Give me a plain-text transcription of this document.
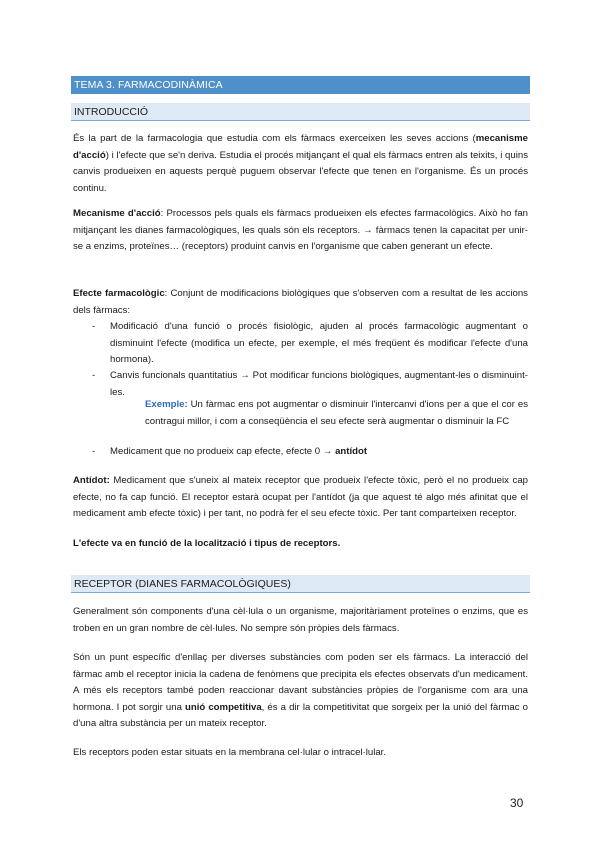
TEMA 3. FARMACODINÀMICA
INTRODUCCIÓ

És la part de la farmacologia que estudia com els fàrmacs exerceixen les seves accions (mecanisme d'acció) i l'efecte que se'n deriva. Estudia el procés mitjançant el qual els fàrmacs entren als teixits, i quins canvis produeixen en aquests perquè puguem observar l'efecte que tenen en l'organisme. És un procés continu.

Mecanisme d'acció: Processos pels quals els fàrmacs produeixen els efectes farmacològics. Això ho fan mitjançant les dianes farmacològiques, les quals són els receptors. → fàrmacs tenen la capacitat per unir-se a enzims, proteïnes… (receptors) produint canvis en l'organisme que caben generant un efecte.

Efecte farmacològic: Conjunt de modificacions biològiques que s'observen com a resultat de les accions dels fàrmacs:

- Modificació d'una funció o procés fisiològic, ajuden al procés farmacològic augmentant o disminuint l'efecte (modifica un efecte, per exemple, el més freqüent és modificar l'efecte d'una hormona).

- Canvis funcionals quantitatius → Pot modificar funcions biològiques, augmentant-les o disminuint-les.

Exemple: Un fàrmac ens pot augmentar o disminuir l'intercanvi d'ions per a que el cor es contragui millor, i com a conseqüència el seu efecte serà augmentar o disminuir la FC

- Medicament que no produeix cap efecte, efecte 0 → antídot

Antídot: Medicament que s'uneix al mateix receptor que produeix l'efecte tòxic, però el no produeix cap efecte, no fa cap funció. El receptor estarà ocupat per l'antídot (ja que aquest té algo més afinitat que el medicament amb efecte tòxic) i per tant, no podrà fer el seu efecte tòxic. Per tant comparteixen receptor.

L'efecte va en funció de la localització i tipus de receptors.

RECEPTOR (DIANES FARMACOLÒGIQUES)

Generalment són components d'una cèl·lula o un organisme, majoritàriament proteïnes o enzims, que es troben en un gran nombre de cèl·lules. No sempre són pròpies dels fàrmacs.

Són un punt específic d'enllaç per diverses substàncies com poden ser els fàrmacs. La interacció del fàrmac amb el receptor inicia la cadena de fenòmens que precipita els efectes observats d'un medicament. A més els receptors també poden reaccionar davant substàncies pròpies de l'organisme com ara una hormona. I pot sorgir una unió competitiva, és a dir la competitivitat que sorgeix per la unió del fàrmac o d'una altra substància per un mateix receptor.

Els receptors poden estar situats en la membrana cel·lular o intracel·lular.

30
